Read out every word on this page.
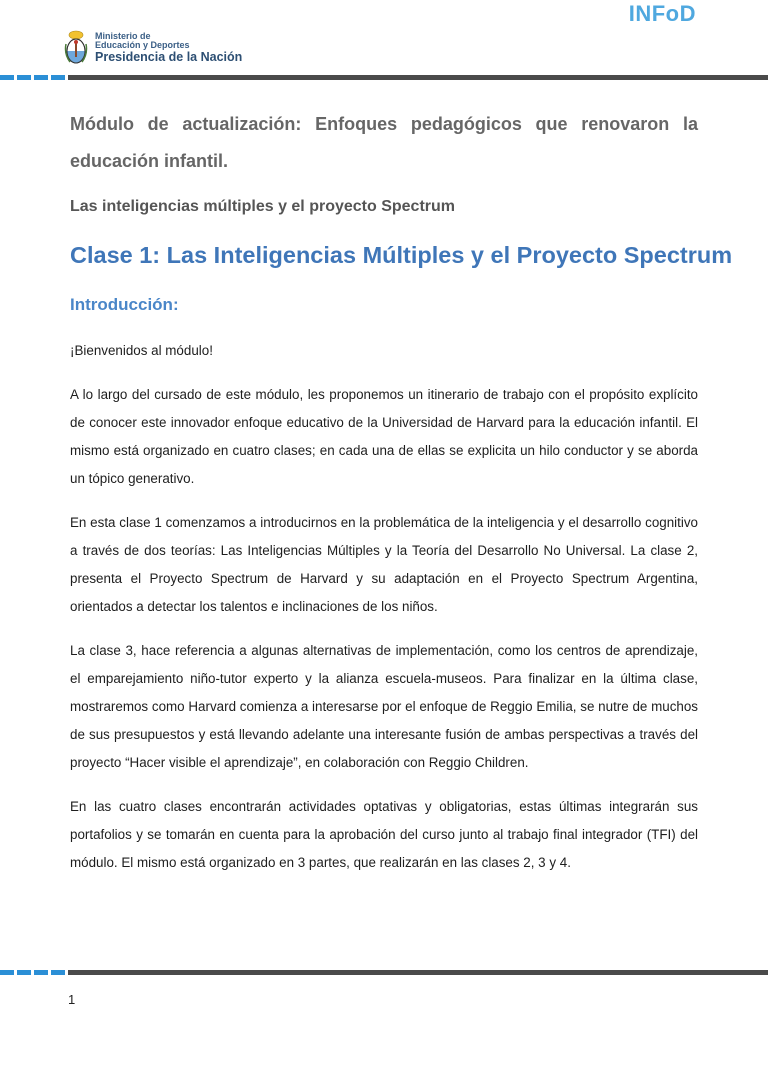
Ministerio de
Educación y Deportes
Presidencia de la Nación
INFoD
Módulo de actualización: Enfoques pedagógicos que renovaron la educación infantil.
Las inteligencias múltiples y el proyecto Spectrum
Clase 1: Las Inteligencias Múltiples y el Proyecto Spectrum
Introducción:

¡Bienvenidos al módulo!

A lo largo del cursado de este módulo, les proponemos un itinerario de trabajo con el propósito explícito de conocer este innovador enfoque educativo de la Universidad de Harvard para la educación infantil. El mismo está organizado en cuatro clases; en cada una de ellas se explicita un hilo conductor y se aborda un tópico generativo.

En esta clase 1 comenzamos a introducirnos en la problemática de la inteligencia y el desarrollo cognitivo a través de dos teorías: Las Inteligencias Múltiples y la Teoría del Desarrollo No Universal. La clase 2, presenta el Proyecto Spectrum de Harvard y su adaptación en el Proyecto Spectrum Argentina, orientados a detectar los talentos e inclinaciones de los niños.

La clase 3, hace referencia a algunas alternativas de implementación, como los centros de aprendizaje, el emparejamiento niño-tutor experto y la alianza escuela-museos. Para finalizar en la última clase, mostraremos como Harvard comienza a interesarse por el enfoque de Reggio Emilia, se nutre de muchos de sus presupuestos y está llevando adelante una interesante fusión de ambas perspectivas a través del proyecto “Hacer visible el aprendizaje”, en colaboración con Reggio Children.

En las cuatro clases encontrarán actividades optativas y obligatorias, estas últimas integrarán sus portafolios y se tomarán en cuenta para la aprobación del curso junto al trabajo final integrador (TFI) del módulo. El mismo está organizado en 3 partes, que realizarán en las clases 2, 3 y 4.

1
